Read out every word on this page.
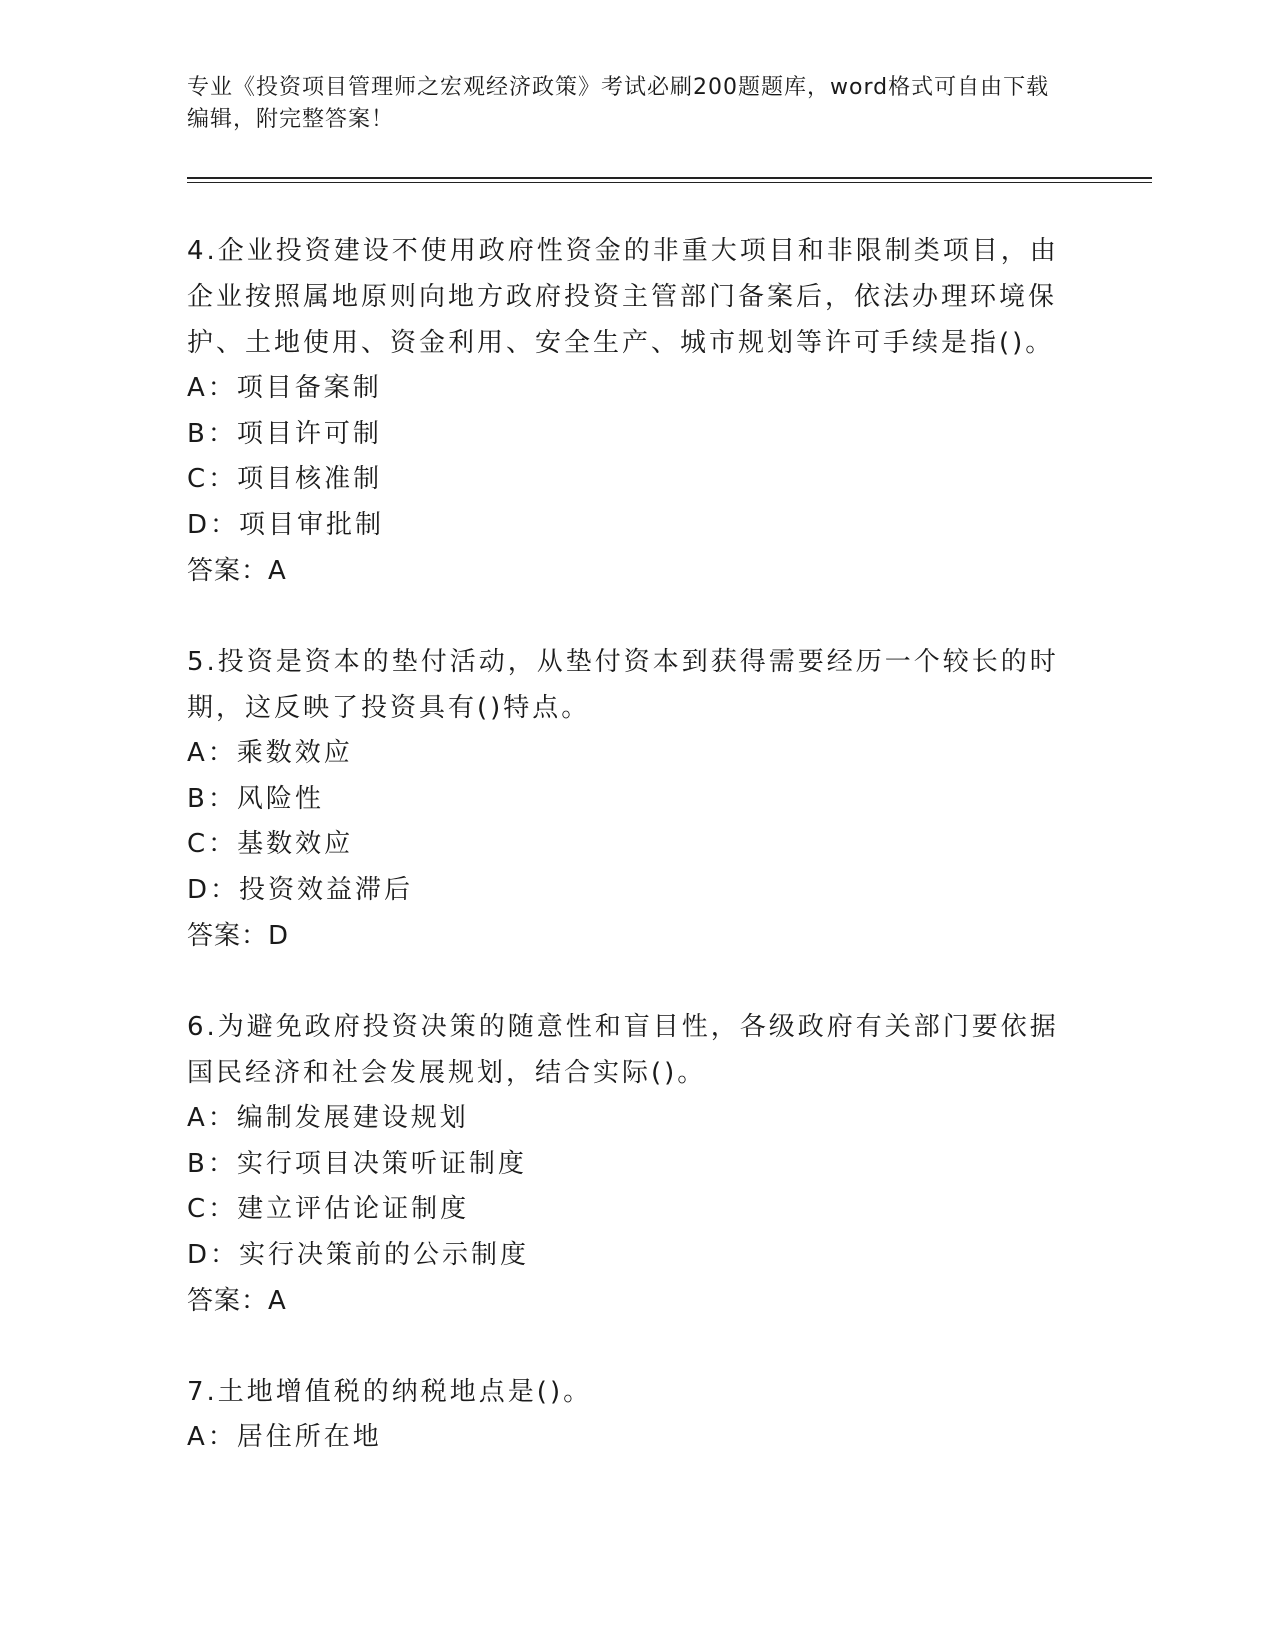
专业《投资项目管理师之宏观经济政策》考试必刷200题题库，word格式可自由下载编辑，附完整答案！
4.企业投资建设不使用政府性资金的非重大项目和非限制类项目，由企业按照属地原则向地方政府投资主管部门备案后，依法办理环境保护、土地使用、资金利用、安全生产、城市规划等许可手续是指()。
A：项目备案制
B：项目许可制
C：项目核准制
D：项目审批制
答案：A
5.投资是资本的垫付活动，从垫付资本到获得需要经历一个较长的时期，这反映了投资具有()特点。
A：乘数效应
B：风险性
C：基数效应
D：投资效益滞后
答案：D
6.为避免政府投资决策的随意性和盲目性，各级政府有关部门要依据国民经济和社会发展规划，结合实际()。
A：编制发展建设规划
B：实行项目决策听证制度
C：建立评估论证制度
D：实行决策前的公示制度
答案：A
7.土地增值税的纳税地点是()。
A：居住所在地
